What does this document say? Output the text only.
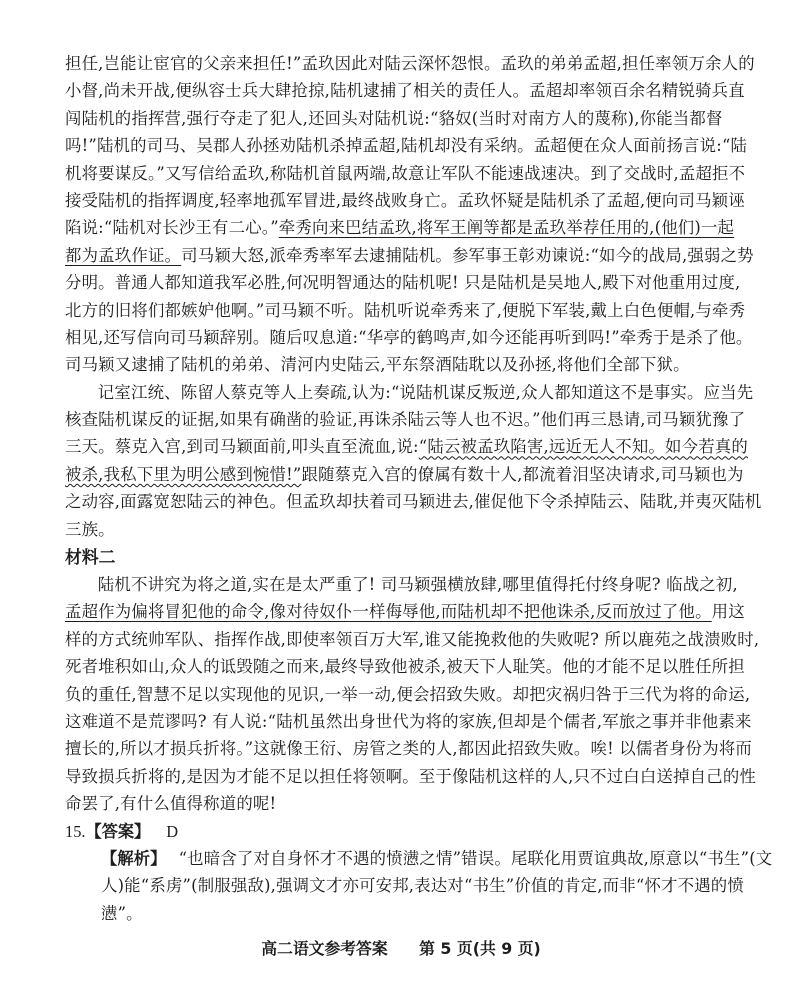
担任,岂能让宦官的父亲来担任!”孟玖因此对陆云深怀怨恨。孟玖的弟弟孟超,担任率领万余人的
小督,尚未开战,便纵容士兵大肆抢掠,陆机逮捕了相关的责任人。孟超却率领百余名精锐骑兵直
闯陆机的指挥营,强行夺走了犯人,还回头对陆机说:“貉奴(当时对南方人的蔑称),你能当都督
吗!”陆机的司马、吴郡人孙拯劝陆机杀掉孟超,陆机却没有采纳。孟超便在众人面前扬言说:“陆
机将要谋反。”又写信给孟玖,称陆机首鼠两端,故意让军队不能速战速决。到了交战时,孟超拒不
接受陆机的指挥调度,轻率地孤军冒进,最终战败身亡。孟玖怀疑是陆机杀了孟超,便向司马颖诬
陷说:“陆机对长沙王有二心。”牵秀向来巴结孟玖,将军王阐等都是孟玖举荐任用的,(他们)一起
都为孟玖作证。司马颖大怒,派牵秀率军去逮捕陆机。参军事王彰劝谏说:“如今的战局,强弱之势
分明。普通人都知道我军必胜,何况明智通达的陆机呢! 只是陆机是吴地人,殿下对他重用过度,
北方的旧将们都嫉妒他啊。”司马颖不听。陆机听说牵秀来了,便脱下军装,戴上白色便帽,与牵秀
相见,还写信向司马颖辞别。随后叹息道:“华亭的鹤鸣声,如今还能再听到吗!”牵秀于是杀了他。
司马颖又逮捕了陆机的弟弟、清河内史陆云,平东祭酒陆耽以及孙拯,将他们全部下狱。
记室江统、陈留人蔡克等人上奏疏,认为:“说陆机谋反叛逆,众人都知道这不是事实。应当先
核查陆机谋反的证据,如果有确凿的验证,再诛杀陆云等人也不迟。”他们再三恳请,司马颖犹豫了
三天。蔡克入宫,到司马颖面前,叩头直至流血,说:“陆云被孟玖陷害,远近无人不知。如今若真的
被杀,我私下里为明公感到惋惜!”跟随蔡克入宫的僚属有数十人,都流着泪坚决请求,司马颖也为
之动容,面露宽恕陆云的神色。但孟玖却扶着司马颖进去,催促他下令杀掉陆云、陆耽,并夷灭陆机
三族。
材料二
陆机不讲究为将之道,实在是太严重了! 司马颖强横放肆,哪里值得托付终身呢? 临战之初,
孟超作为偏将冒犯他的命令,像对待奴仆一样侮辱他,而陆机却不把他诛杀,反而放过了他。用这
样的方式统帅军队、指挥作战,即使率领百万大军,谁又能挽救他的失败呢? 所以鹿苑之战溃败时,
死者堆积如山,众人的诋毁随之而来,最终导致他被杀,被天下人耻笑。他的才能不足以胜任所担
负的重任,智慧不足以实现他的见识,一举一动,便会招致失败。却把灾祸归咎于三代为将的命运,
这难道不是荒谬吗? 有人说:“陆机虽然出身世代为将的家族,但却是个儒者,军旅之事并非他素来
擅长的,所以才损兵折将。”这就像王衍、房管之类的人,都因此招致失败。唉! 以儒者身份为将而
导致损兵折将的,是因为才能不足以担任将领啊。至于像陆机这样的人,只不过白白送掉自己的性
命罢了,有什么值得称道的呢!
15.【答案】 D
【解析】 “也暗含了对自身怀才不遇的愤懑之情”错误。尾联化用贾谊典故,原意以“书生”(文
人)能“系虏”(制服强敌),强调文才亦可安邦,表达对“书生”价值的肯定,而非“怀才不遇的愤
懑”。
高二语文参考答案 第 5 页(共 9 页)
